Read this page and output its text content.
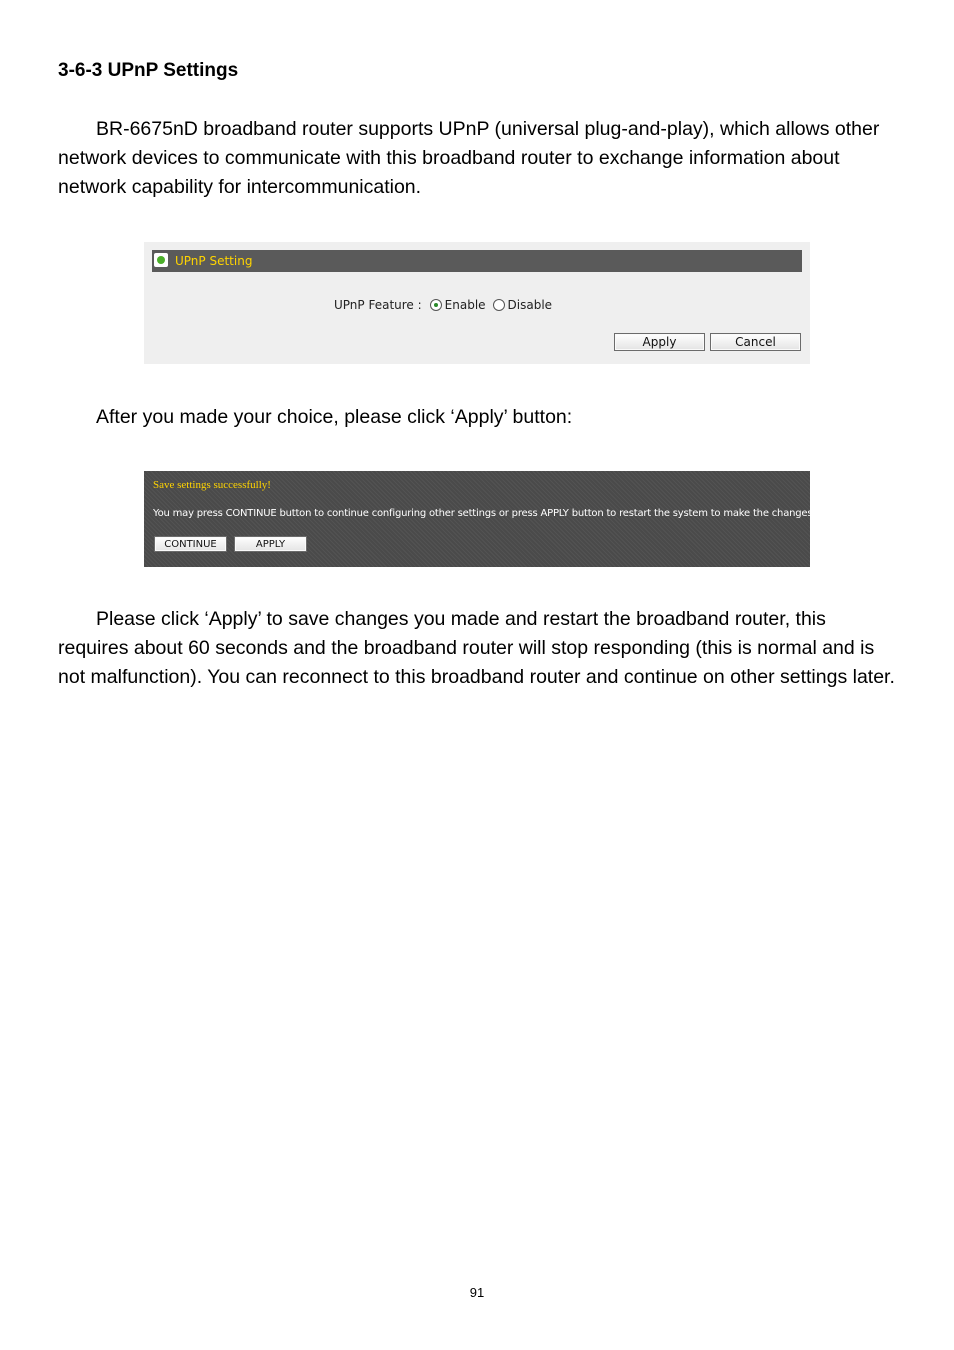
3-6-3 UPnP Settings

BR-6675nD broadband router supports UPnP (universal plug-and-play), which allows other network devices to communicate with this broadband router to exchange information about network capability for intercommunication.

UPnP Setting
UPnP Feature : Enable Disable
Apply	Cancel

After you made your choice, please click ‘Apply’ button:

Save settings successfully!
You may press CONTINUE button to continue configuring other settings or press APPLY button to restart the system to make the changes take effect.
CONTINUE	APPLY

Please click ‘Apply’ to save changes you made and restart the broadband router, this requires about 60 seconds and the broadband router will stop responding (this is normal and is not malfunction). You can reconnect to this broadband router and continue on other settings later.

91
